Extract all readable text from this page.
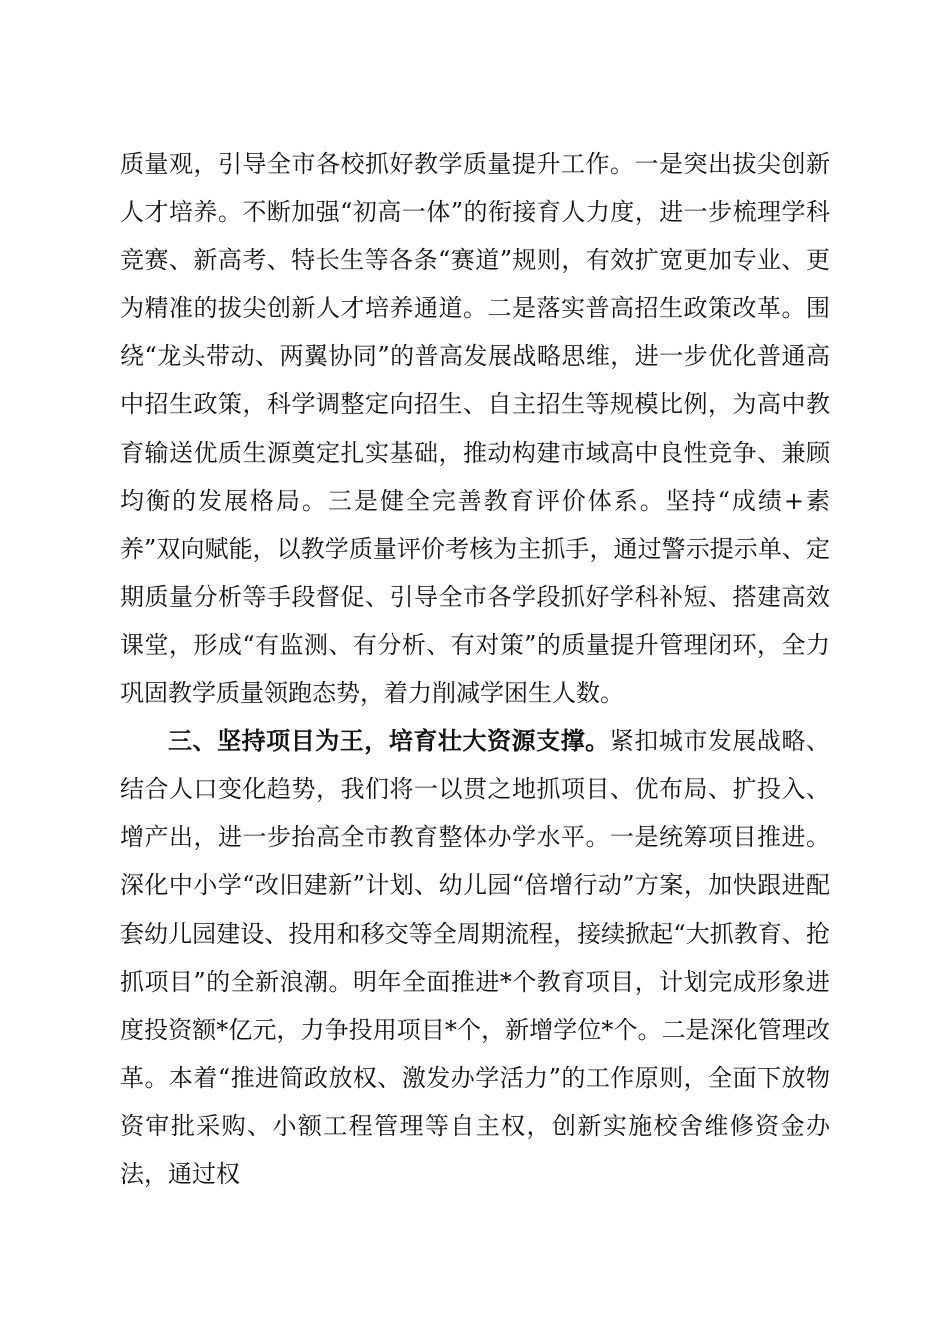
质量观，引导全市各校抓好教学质量提升工作。一是突出拔尖创新人才培养。不断加强“初高一体”的衔接育人力度，进一步梳理学科竞赛、新高考、特长生等各条“赛道”规则，有效扩宽更加专业、更为精准的拔尖创新人才培养通道。二是落实普高招生政策改革。围绕“龙头带动、两翼协同”的普高发展战略思维，进一步优化普通高中招生政策，科学调整定向招生、自主招生等规模比例，为高中教育输送优质生源奠定扎实基础，推动构建市域高中良性竞争、兼顾均衡的发展格局。三是健全完善教育评价体系。坚持“成绩+素养”双向赋能，以教学质量评价考核为主抓手，通过警示提示单、定期质量分析等手段督促、引导全市各学段抓好学科补短、搭建高效课堂，形成“有监测、有分析、有对策”的质量提升管理闭环，全力巩固教学质量领跑态势，着力削减学困生人数。

三、坚持项目为王，培育壮大资源支撑。紧扣城市发展战略、结合人口变化趋势，我们将一以贯之地抓项目、优布局、扩投入、增产出，进一步抬高全市教育整体办学水平。一是统筹项目推进。深化中小学“改旧建新”计划、幼儿园“倍增行动”方案，加快跟进配套幼儿园建设、投用和移交等全周期流程，接续掀起“大抓教育、抢抓项目”的全新浪潮。明年全面推进*个教育项目，计划完成形象进度投资额*亿元，力争投用项目*个，新增学位*个。二是深化管理改革。本着“推进简政放权、激发办学活力”的工作原则，全面下放物资审批采购、小额工程管理等自主权，创新实施校舍维修资金办法，通过权
